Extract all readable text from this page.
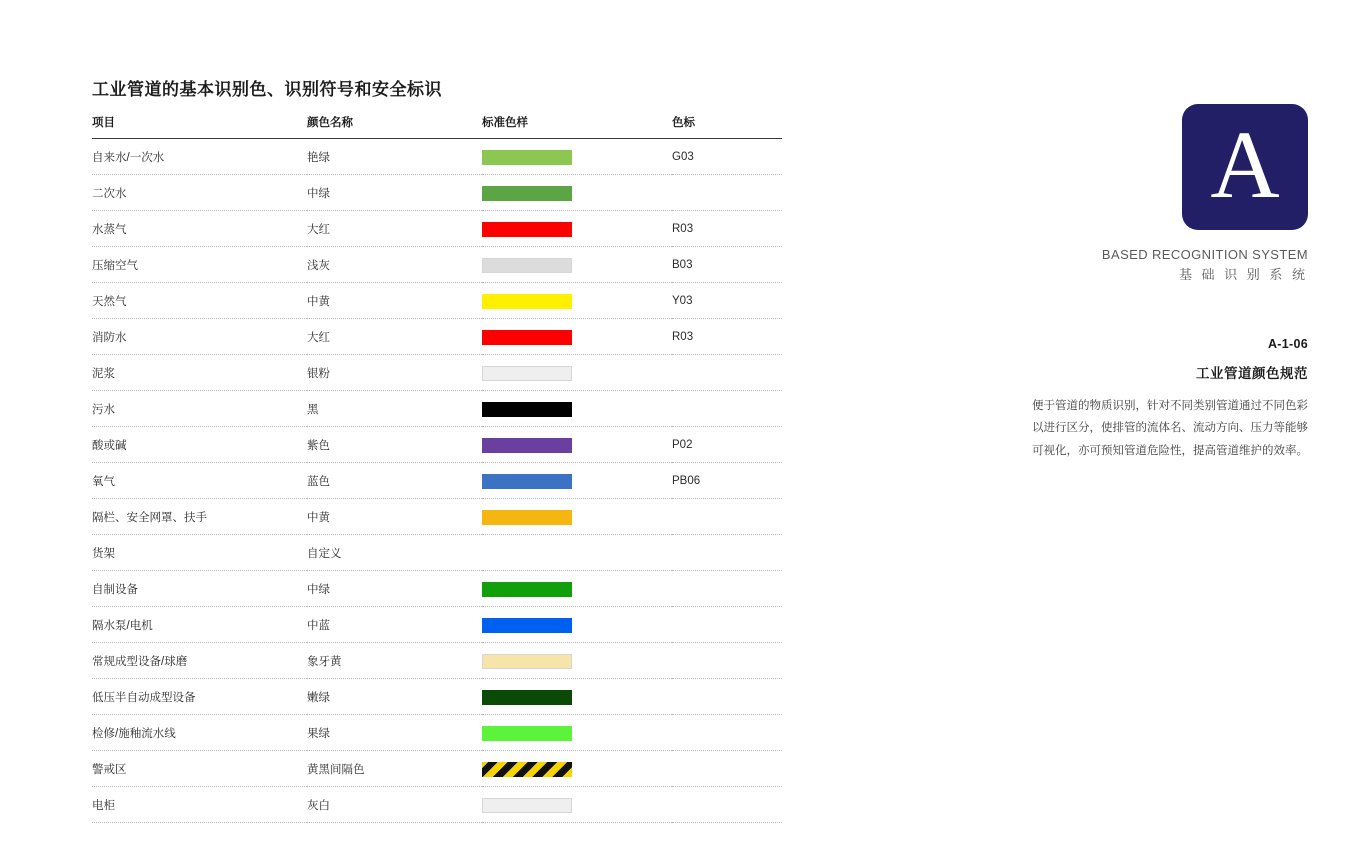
工业管道的基本识别色、识别符号和安全标识
项目	颜色名称	标准色样	色标
自来水/一次水	艳绿		G03
二次水	中绿	

水蒸气	大红		R03
压缩空气	浅灰		B03
天然气	中黄		Y03
消防水	大红		R03
泥浆	银粉	

污水	黑	

酸或碱	紫色		P02
氧气	蓝色		PB06
隔栏、安全网罩、扶手	中黄	

货架	自定义		
自制设备	中绿	

隔水泵/电机	中蓝	

常规成型设备/球磨	象牙黄	

低压半自动成型设备	嫩绿	

检修/施釉流水线	果绿	

警戒区	黄黑间隔色	

电柜	灰白	

A
BASED RECOGNITION SYSTEM
基 础 识 别 系 统
A-1-06
工业管道颜色规范
便于管道的物质识别，针对不同类别管道通过不同色彩以进行区分，使排管的流体名、流动方向、压力等能够可视化，亦可预知管道危险性，提高管道维护的效率。
